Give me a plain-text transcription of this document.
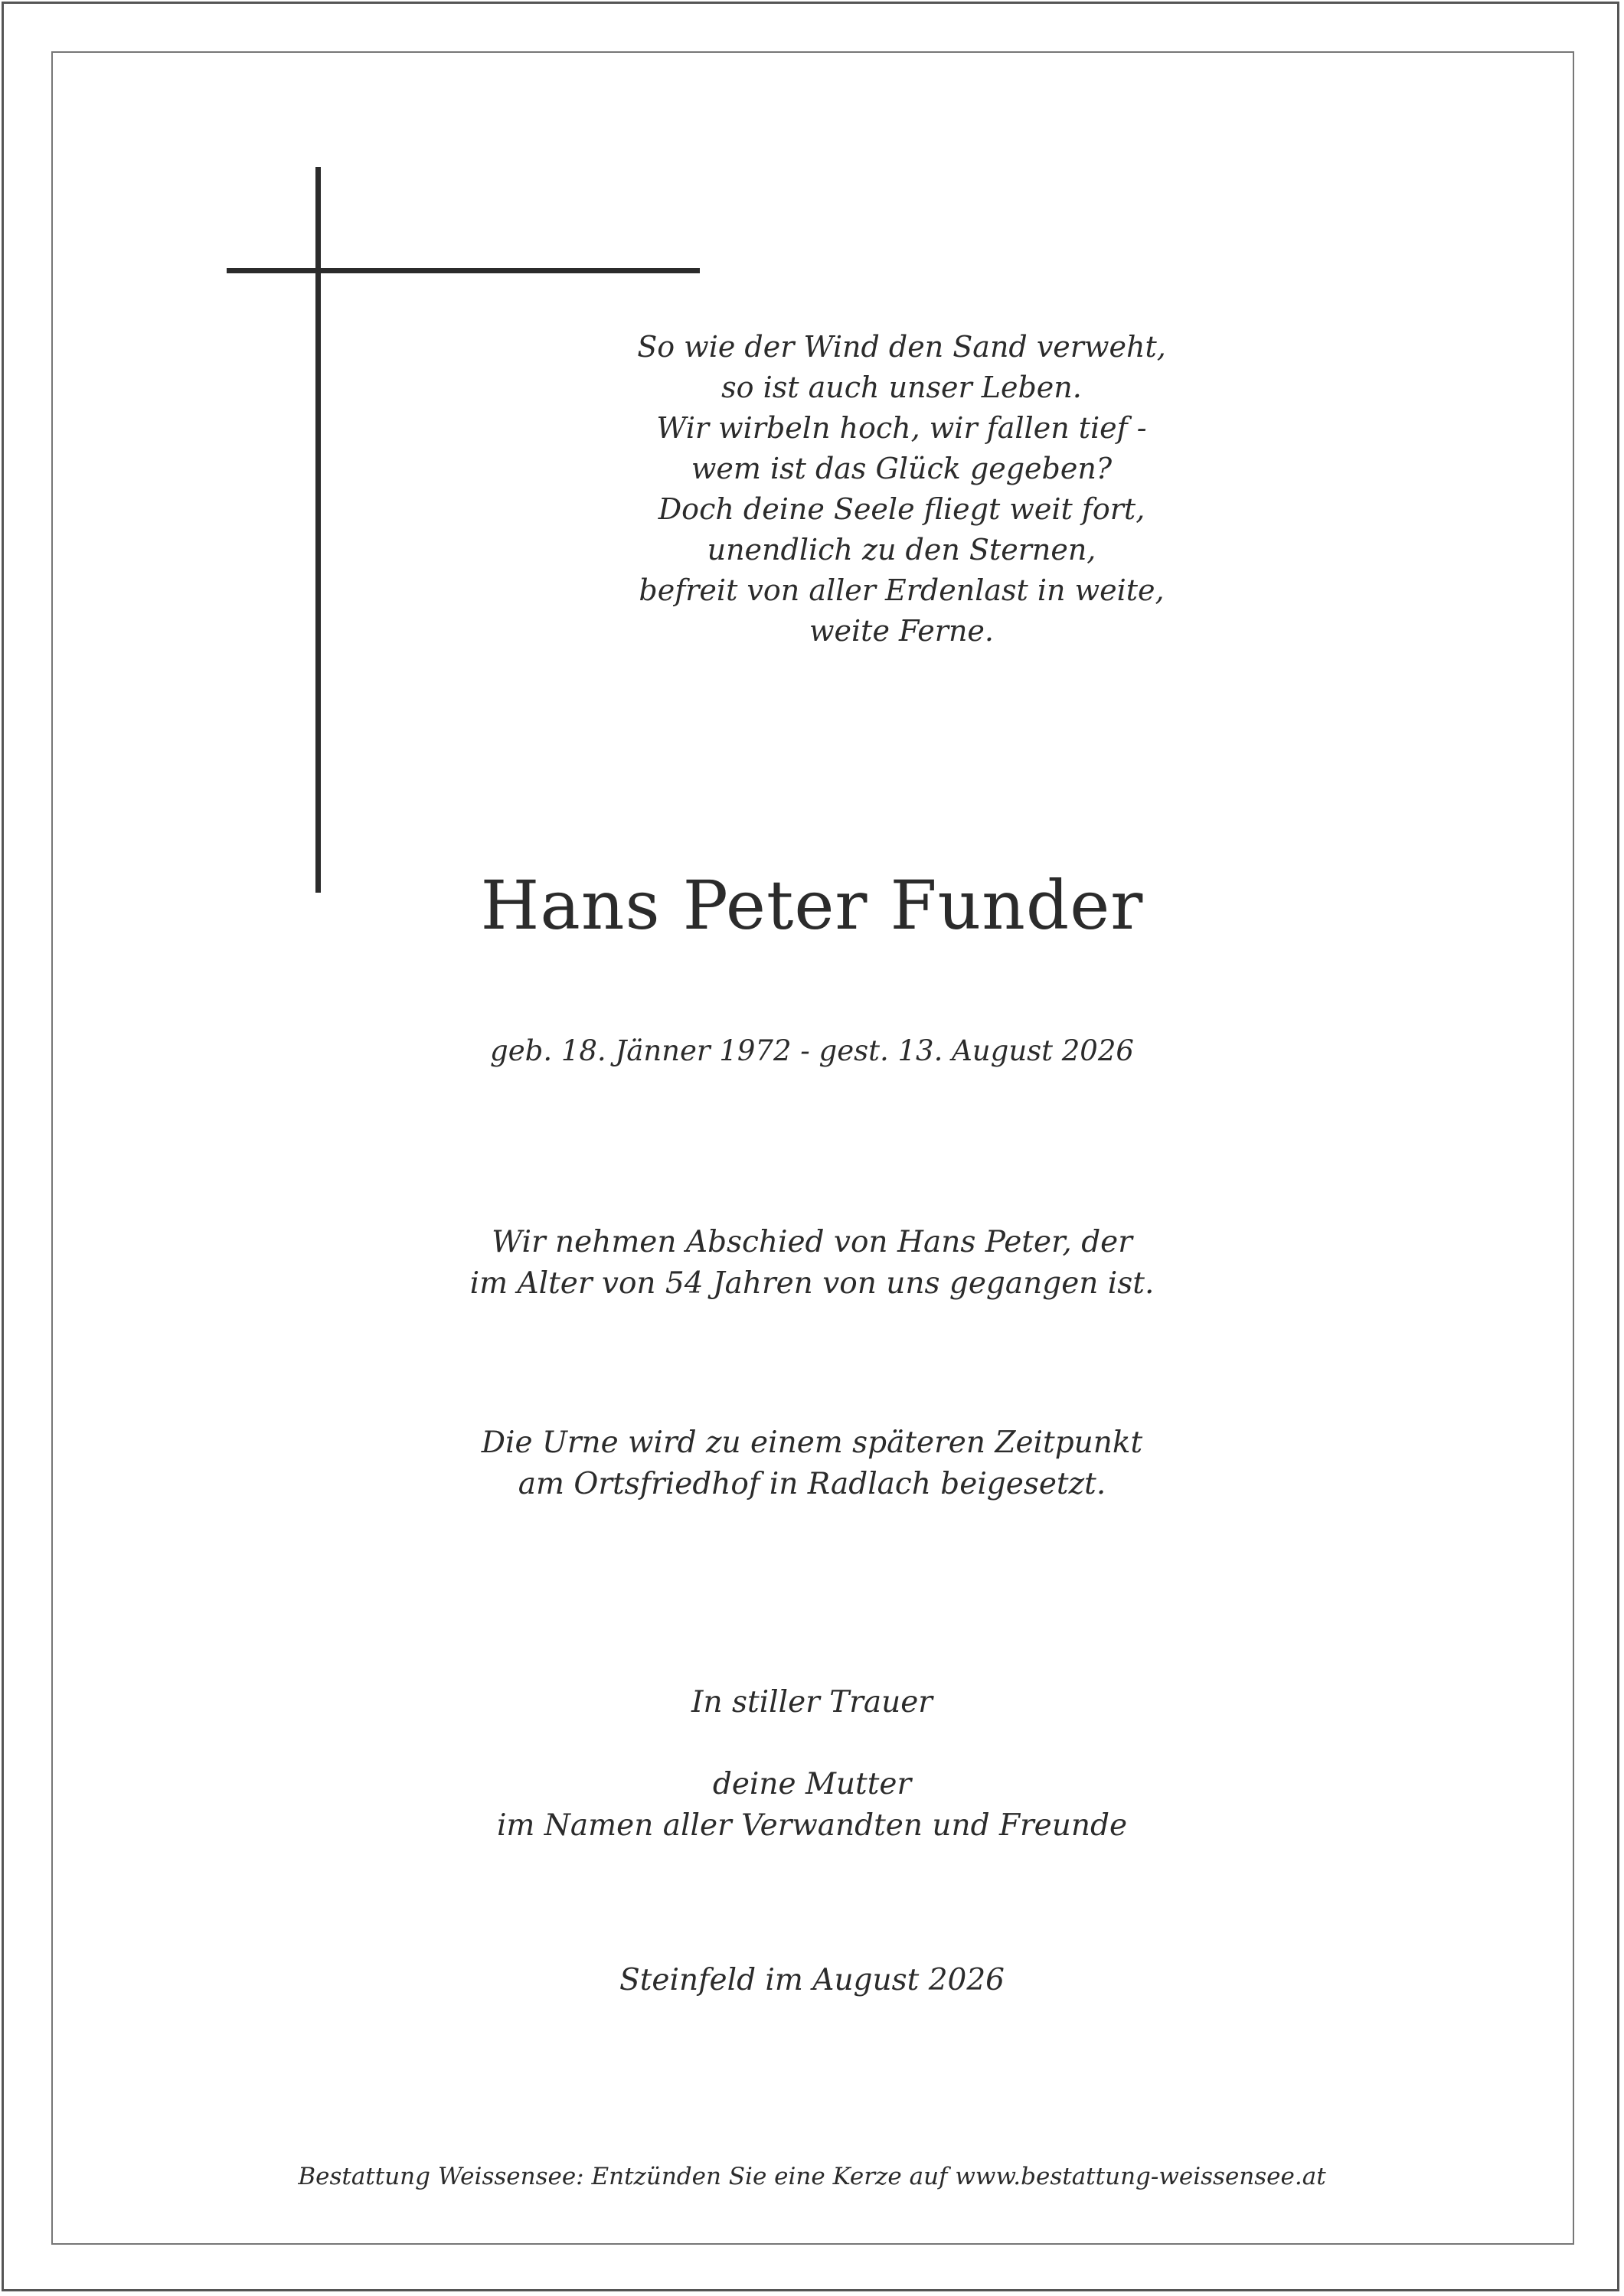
So wie der Wind den Sand verweht,
so ist auch unser Leben.
Wir wirbeln hoch, wir fallen tief -
wem ist das Glück gegeben?
Doch deine Seele fliegt weit fort,
unendlich zu den Sternen,
befreit von aller Erdenlast in weite,
weite Ferne.
Hans Peter Funder
geb. 18. Jänner 1972 - gest. 13. August 2026
Wir nehmen Abschied von Hans Peter, der
im Alter von 54 Jahren von uns gegangen ist.
Die Urne wird zu einem späteren Zeitpunkt
am Ortsfriedhof in Radlach beigesetzt.
In stiller Trauer
deine Mutter
im Namen aller Verwandten und Freunde
Steinfeld im August 2026
Bestattung Weissensee: Entzünden Sie eine Kerze auf www.bestattung-weissensee.at
